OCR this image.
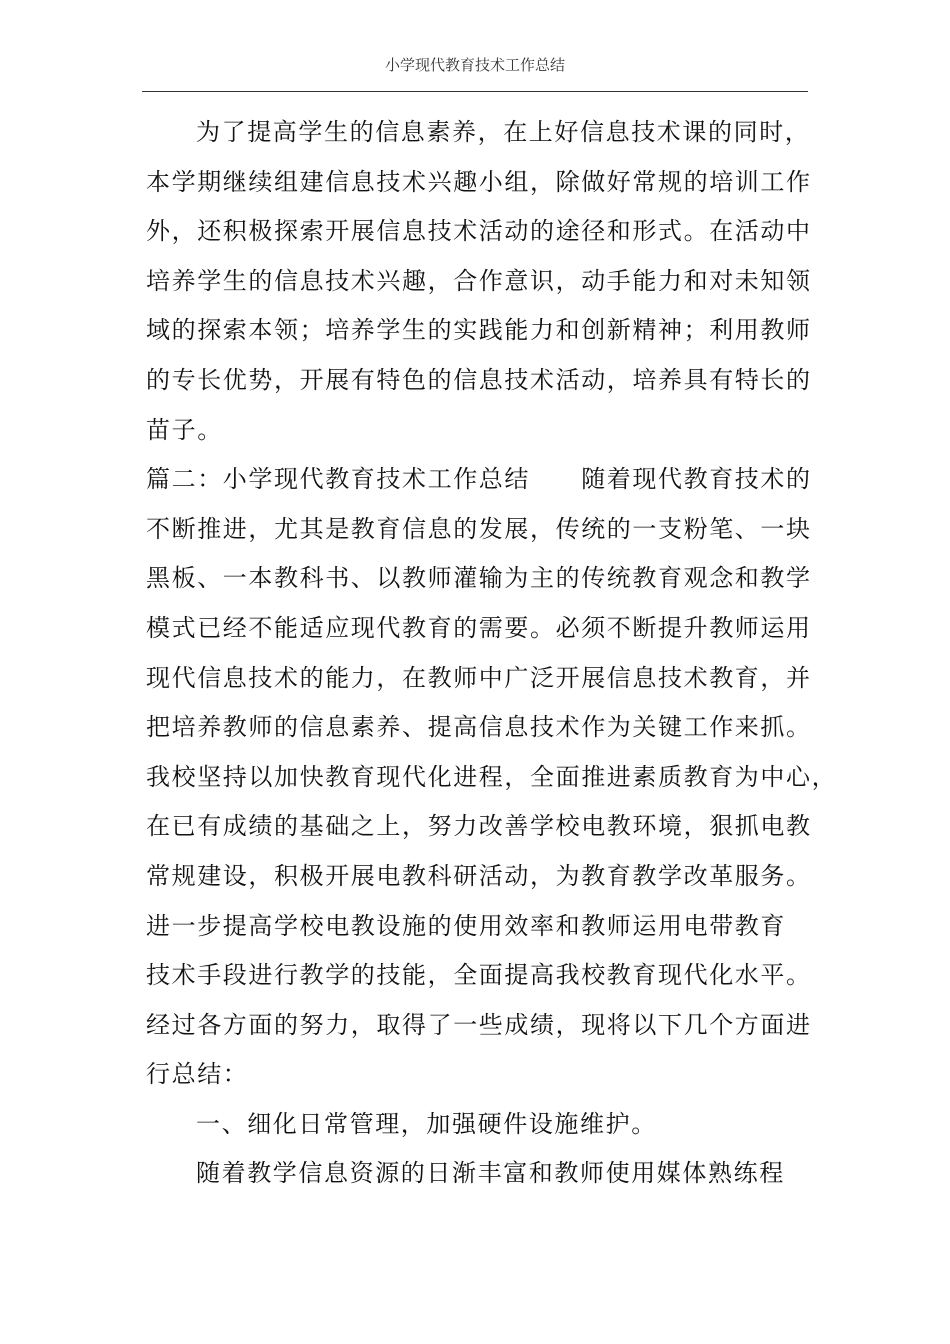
小学现代教育技术工作总结
为了提高学生的信息素养，在上好信息技术课的同时，
本学期继续组建信息技术兴趣小组，除做好常规的培训工作
外，还积极探索开展信息技术活动的途径和形式。在活动中
培养学生的信息技术兴趣，合作意识，动手能力和对未知领
域的探索本领；培养学生的实践能力和创新精神；利用教师
的专长优势，开展有特色的信息技术活动，培养具有特长的
苗子。
篇二：小学现代教育技术工作总结　　随着现代教育技术的
不断推进，尤其是教育信息的发展，传统的一支粉笔、一块
黑板、一本教科书、以教师灌输为主的传统教育观念和教学
模式已经不能适应现代教育的需要。必须不断提升教师运用
现代信息技术的能力，在教师中广泛开展信息技术教育，并
把培养教师的信息素养、提高信息技术作为关键工作来抓。
我校坚持以加快教育现代化进程，全面推进素质教育为中心，
在已有成绩的基础之上，努力改善学校电教环境，狠抓电教
常规建设，积极开展电教科研活动，为教育教学改革服务。
进一步提高学校电教设施的使用效率和教师运用电带教育
技术手段进行教学的技能，全面提高我校教育现代化水平。
经过各方面的努力，取得了一些成绩，现将以下几个方面进
行总结：
一、细化日常管理，加强硬件设施维护。
随着教学信息资源的日渐丰富和教师使用媒体熟练程
